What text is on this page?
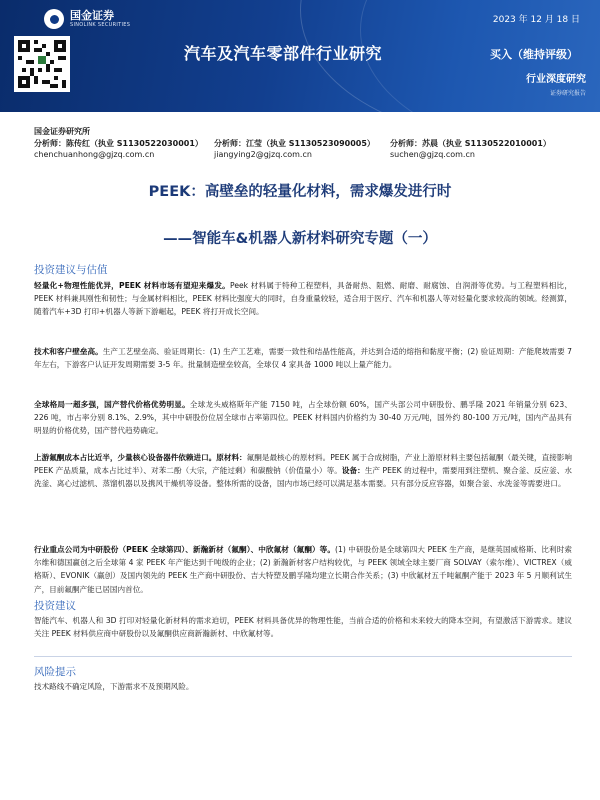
国金证券
SINOLINK SECURITIES	2023 年 12 月 18 日
汽车及汽车零部件行业研究	买入（维持评级）
行业深度研究
证券研究报告
国金证券研究所
分析师：陈传红（执业 S1130522030001）
chenchuanhong@gjzq.com.cn
分析师：江莹（执业 S1130523090005）
jiangying2@gjzq.com.cn
分析师：苏晨（执业 S1130522010001）
suchen@gjzq.com.cn
PEEK：高壁垒的轻量化材料，需求爆发进行时
——智能车&机器人新材料研究专题（一）
投资建议与估值
轻量化+物理性能优异，PEEK 材料市场有望迎来爆发。Peek 材料属于特种工程塑料，具备耐热、阻燃、耐磨、耐腐蚀、自润滑等优势。与工程塑料相比，PEEK 材料兼具刚性和韧性；与金属材料相比，PEEK 材料比强度大的同时，自身重量较轻，适合用于医疗、汽车和机器人等对轻量化要求较高的领域。经测算，随着汽车+3D 打印+机器人等新下游崛起，PEEK 将打开成长空间。
技术和客户壁垒高。生产工艺壁垒高、验证周期长：(1) 生产工艺难，需要一致性和结晶性能高，并达到合适的熔指和黏度平衡；(2) 验证周期：产能爬坡需要 7 年左右，下游客户认证开发周期需要 3-5 年。批量制造壁垒较高，全球仅 4 家具备 1000 吨以上量产能力。
全球格局一超多强，国产替代价格优势明显。全球龙头威格斯年产能 7150 吨，占全球份额 60%，国产头部公司中研股份、鹏孚隆 2021 年销量分别 623、226 吨，市占率分别 8.1%、2.9%，其中中研股份位居全球市占率第四位。PEEK 材料国内价格约为 30-40 万元/吨，国外约 80-100 万元/吨，国内产品具有明显的价格优势，国产替代趋势确定。
上游氟酮成本占比近半，少量核心设备器件依赖进口。原材料：氟酮是最核心的原材料。PEEK 属于合成树脂，产业上游原材料主要包括氟酮（最关键，直接影响 PEEK 产品质量，成本占比过半）、对苯二酚（大宗，产能过剩）和碳酸钠（价值量小）等。设备：生产 PEEK 的过程中，需要用到注塑机、聚合釜、反应釜、水洗釜、离心过滤机、蒸馏机器以及携风干燥机等设备。整体所需的设备，国内市场已经可以满足基本需要。只有部分反应容器，如聚合釜、水洗釜等需要进口。
行业重点公司为中研股份（PEEK 全球第四）、新瀚新材（氟酮）、中欣氟材（氟酮）等。(1) 中研股份是全球第四大 PEEK 生产商，是继英国威格斯、比利时索尔维和德国赢创之后全球第 4 家 PEEK 年产能达到千吨级的企业；(2) 新瀚新材客户结构较优，与 PEEK 领域全球主要厂商 SOLVAY（索尔维）、VICTREX（威格斯）、EVONIK（赢创）及国内领先的 PEEK 生产商中研股份、吉大特塑及鹏孚隆均建立长期合作关系；(3) 中欣氟材五千吨氟酮产能于 2023 年 5 月顺利试生产，目前氟酮产能已居国内首位。
投资建议
智能汽车、机器人和 3D 打印对轻量化新材料的需求迫切，PEEK 材料具备优异的物理性能，当前合适的价格和未来较大的降本空间，有望激活下游需求。建议关注 PEEK 材料供应商中研股份以及氟酮供应商新瀚新材、中欣氟材等。
风险提示
技术路线不确定风险，下游需求不及预期风险。
